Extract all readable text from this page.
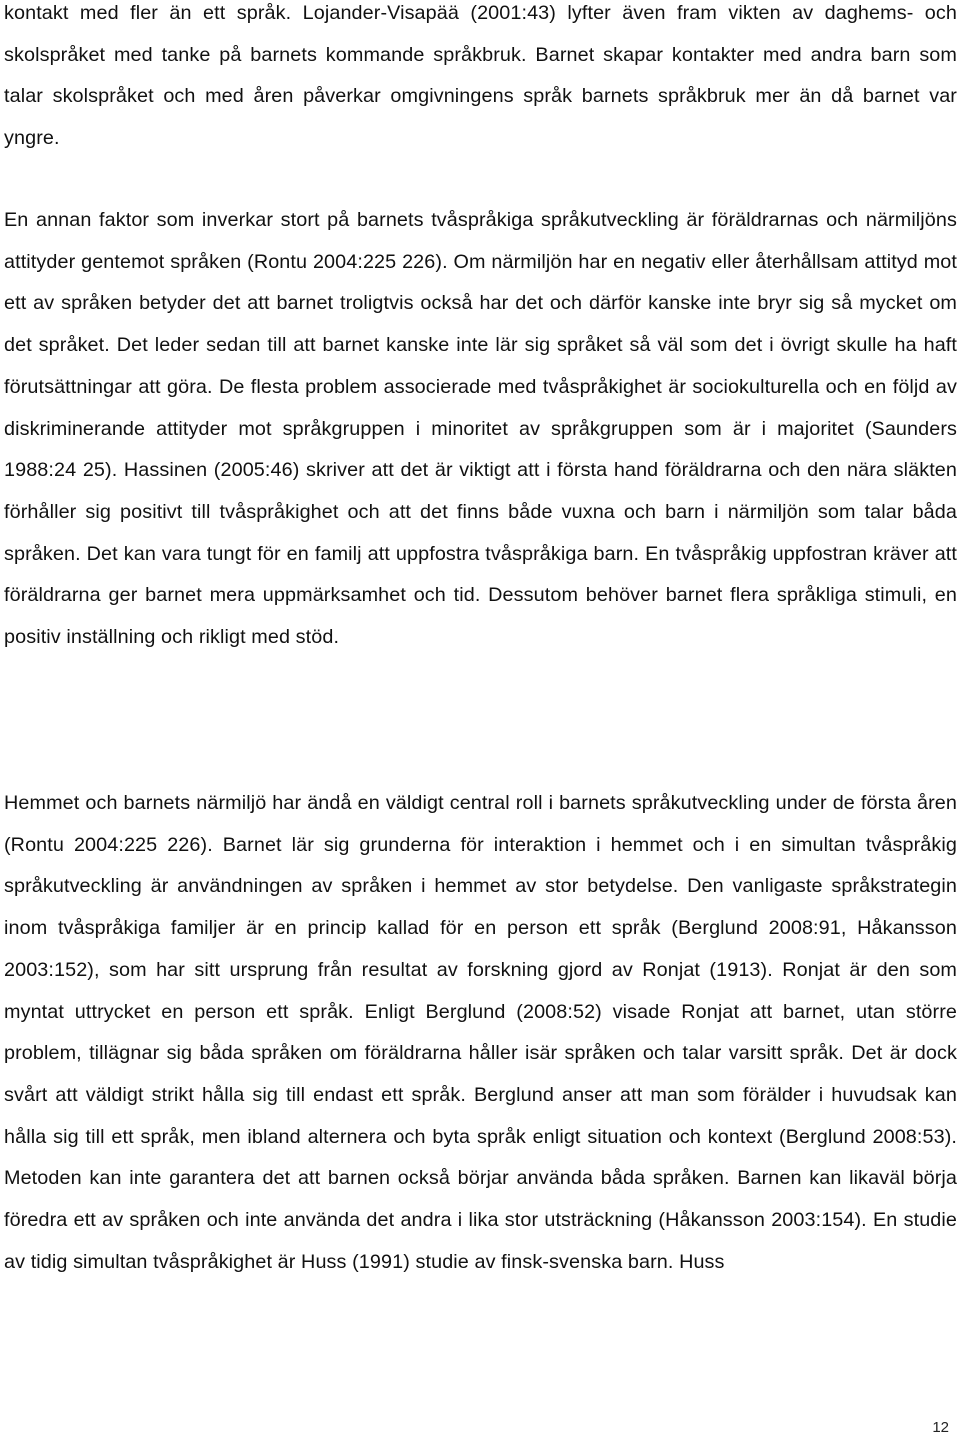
kontakt med fler än ett språk. Lojander-Visapää (2001:43) lyfter även fram vikten av daghems- och skolspråket med tanke på barnets kommande språkbruk. Barnet skapar kontakter med andra barn som talar skolspråket och med åren påverkar omgivningens språk barnets språkbruk mer än då barnet var yngre.

En annan faktor som inverkar stort på barnets tvåspråkiga språkutveckling är föräldrarnas och närmiljöns attityder gentemot språken (Rontu 2004:225 226). Om närmiljön har en negativ eller återhållsam attityd mot ett av språken betyder det att barnet troligtvis också har det och därför kanske inte bryr sig så mycket om det språket. Det leder sedan till att barnet kanske inte lär sig språket så väl som det i övrigt skulle ha haft förutsättningar att göra. De flesta problem associerade med tvåspråkighet är sociokulturella och en följd av diskriminerande attityder mot språkgruppen i minoritet av språkgruppen som är i majoritet (Saunders 1988:24 25). Hassinen (2005:46) skriver att det är viktigt att i första hand föräldrarna och den nära släkten förhåller sig positivt till tvåspråkighet och att det finns både vuxna och barn i närmiljön som talar båda språken. Det kan vara tungt för en familj att uppfostra tvåspråkiga barn. En tvåspråkig uppfostran kräver att föräldrarna ger barnet mera uppmärksamhet och tid. Dessutom behöver barnet flera språkliga stimuli, en positiv inställning och rikligt med stöd.

Hemmet och barnets närmiljö har ändå en väldigt central roll i barnets språkutveckling under de första åren (Rontu 2004:225 226). Barnet lär sig grunderna för interaktion i hemmet och i en simultan tvåspråkig språkutveckling är användningen av språken i hemmet av stor betydelse. Den vanligaste språkstrategin inom tvåspråkiga familjer är en princip kallad för en person ett språk (Berglund 2008:91, Håkansson 2003:152), som har sitt ursprung från resultat av forskning gjord av Ronjat (1913). Ronjat är den som myntat uttrycket en person ett språk. Enligt Berglund (2008:52) visade Ronjat att barnet, utan större problem, tillägnar sig båda språken om föräldrarna håller isär språken och talar varsitt språk. Det är dock svårt att väldigt strikt hålla sig till endast ett språk. Berglund anser att man som förälder i huvudsak kan hålla sig till ett språk, men ibland alternera och byta språk enligt situation och kontext (Berglund 2008:53). Metoden kan inte garantera det att barnen också börjar använda båda språken. Barnen kan likaväl börja föredra ett av språken och inte använda det andra i lika stor utsträckning (Håkansson 2003:154). En studie av tidig simultan tvåspråkighet är Huss (1991) studie av finsk-svenska barn. Huss

12
